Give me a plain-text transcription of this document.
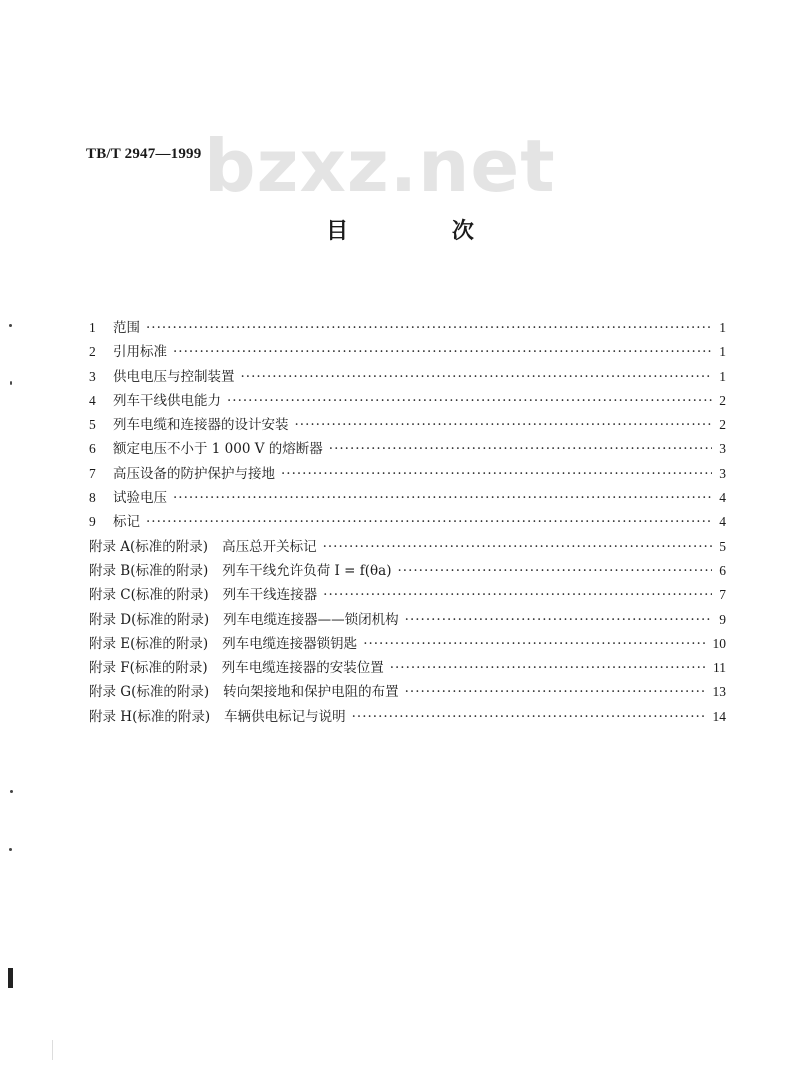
TB/T 2947—1999 bzxz.net
目 次
1	范围 ·····	1
2	引用标准 ·····	1
3	供电电压与控制装置 ·····	1
4	列车干线供电能力 ·····	2
5	列车电缆和连接器的设计安装 ·····	2
6	额定电压不小于 1 000 V 的熔断器 ·····	3
7	高压设备的防护保护与接地 ·····	3
8	试验电压 ·····	4
9	标记 ·····	4
附录 A(标准的附录) 高压总开关标记 ·····	5
附录 B(标准的附录) 列车干线允许负荷 I = f(θa) ·····	6
附录 C(标准的附录) 列车干线连接器 ·····	7
附录 D(标准的附录) 列车电缆连接器——锁闭机构 ·····	9
附录 E(标准的附录) 列车电缆连接器锁钥匙 ·····	10
附录 F(标准的附录) 列车电缆连接器的安装位置 ·····	11
附录 G(标准的附录) 转向架接地和保护电阻的布置 ·····	13
附录 H(标准的附录) 车辆供电标记与说明 ·····	14
